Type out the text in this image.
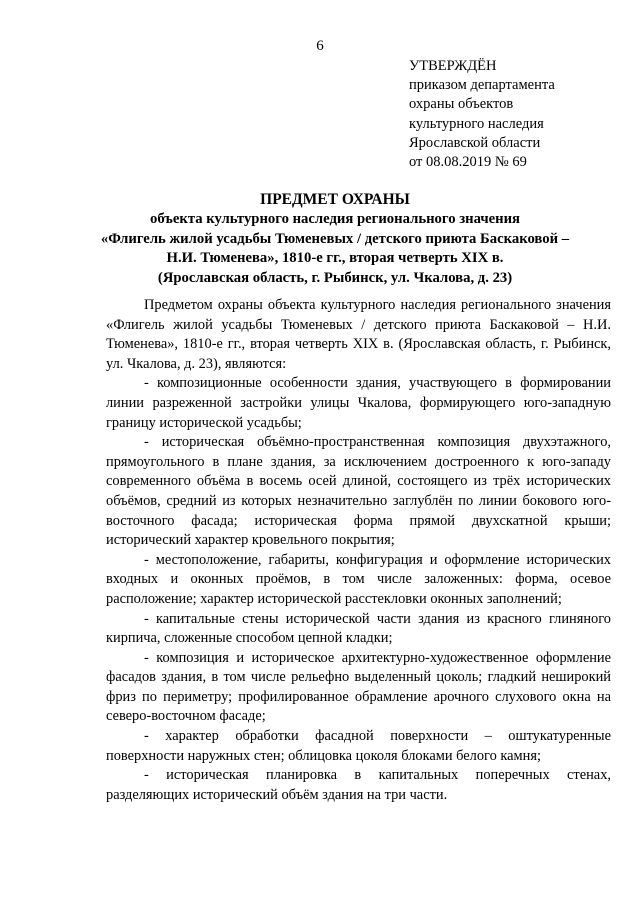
6
УТВЕРЖДЁН
приказом департамента
охраны объектов
культурного наследия
Ярославской области
от 08.08.2019 № 69
ПРЕДМЕТ ОХРАНЫ
объекта культурного наследия регионального значения
«Флигель жилой усадьбы Тюменевых / детского приюта Баскаковой –
Н.И. Тюменева», 1810-е гг., вторая четверть XIX в.
(Ярославская область, г. Рыбинск, ул. Чкалова, д. 23)

Предметом охраны объекта культурного наследия регионального значения «Флигель жилой усадьбы Тюменевых / детского приюта Баскаковой – Н.И. Тюменева», 1810-е гг., вторая четверть XIX в. (Ярославская область, г. Рыбинск, ул. Чкалова, д. 23), являются:

- композиционные особенности здания, участвующего в формировании линии разреженной застройки улицы Чкалова, формирующего юго-западную границу исторической усадьбы;

- историческая объёмно-пространственная композиция двухэтажного, прямоугольного в плане здания, за исключением достроенного к юго-западу современного объёма в восемь осей длиной, состоящего из трёх исторических объёмов, средний из которых незначительно заглублён по линии бокового юго-восточного фасада; историческая форма прямой двухскатной крыши; исторический характер кровельного покрытия;

- местоположение, габариты, конфигурация и оформление исторических входных и оконных проёмов, в том числе заложенных: форма, осевое расположение; характер исторической расстекловки оконных заполнений;

- капитальные стены исторической части здания из красного глиняного кирпича, сложенные способом цепной кладки;

- композиция и историческое архитектурно-художественное оформление фасадов здания, в том числе рельефно выделенный цоколь; гладкий неширокий фриз по периметру; профилированное обрамление арочного слухового окна на северо-восточном фасаде;

- характер обработки фасадной поверхности – оштукатуренные поверхности наружных стен; облицовка цоколя блоками белого камня;

- историческая планировка в капитальных поперечных стенах, разделяющих исторический объём здания на три части.
